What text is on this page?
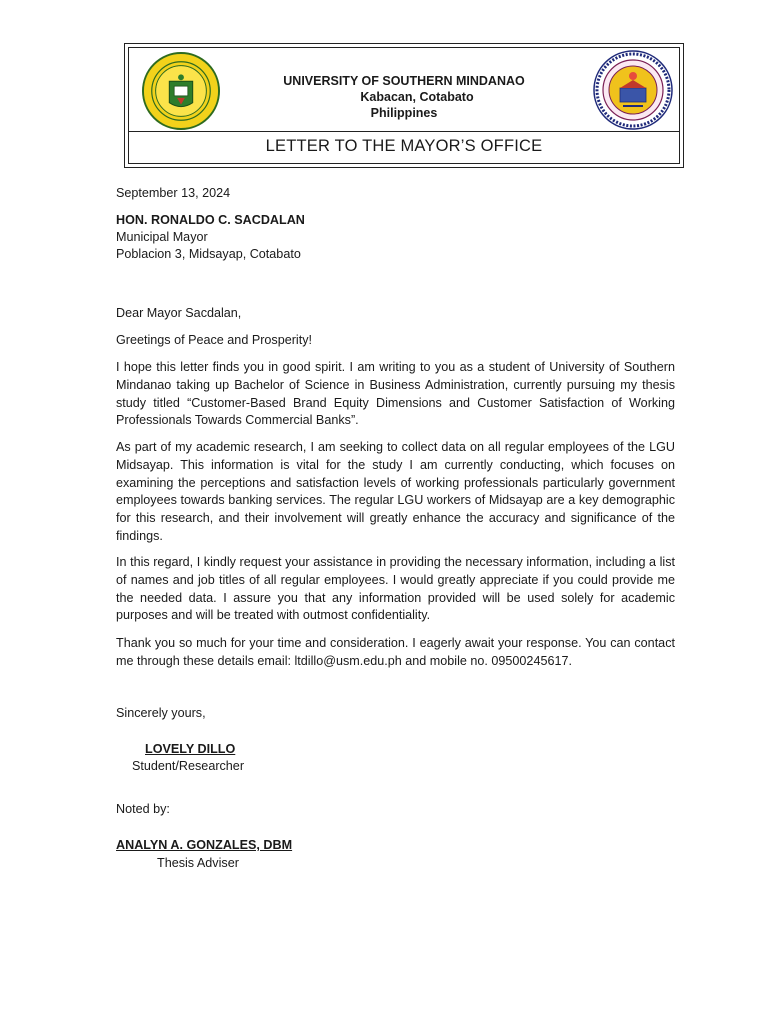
UNIVERSITY OF SOUTHERN MINDANAO
Kabacan, Cotabato
Philippines
LETTER TO THE MAYOR’S OFFICE
September 13, 2024
HON. RONALDO C. SACDALAN
Municipal Mayor
Poblacion 3, Midsayap, Cotabato
Dear Mayor Sacdalan,
Greetings of Peace and Prosperity!
I hope this letter finds you in good spirit. I am writing to you as a student of University of Southern Mindanao taking up Bachelor of Science in Business Administration, currently pursuing my thesis study titled “Customer-Based Brand Equity Dimensions and Customer Satisfaction of Working Professionals Towards Commercial Banks”.
As part of my academic research, I am seeking to collect data on all regular employees of the LGU Midsayap. This information is vital for the study I am currently conducting, which focuses on examining the perceptions and satisfaction levels of working professionals particularly government employees towards banking services. The regular LGU workers of Midsayap are a key demographic for this research, and their involvement will greatly enhance the accuracy and significance of the findings.
In this regard, I kindly request your assistance in providing the necessary information, including a list of names and job titles of all regular employees. I would greatly appreciate if you could provide me the needed data. I assure you that any information provided will be used solely for academic purposes and will be treated with outmost confidentiality.
Thank you so much for your time and consideration. I eagerly await your response. You can contact me through these details email: ltdillo@usm.edu.ph and mobile no. 09500245617.
Sincerely yours,
LOVELY DILLO
Student/Researcher
Noted by:
ANALYN A. GONZALES, DBM
Thesis Adviser
